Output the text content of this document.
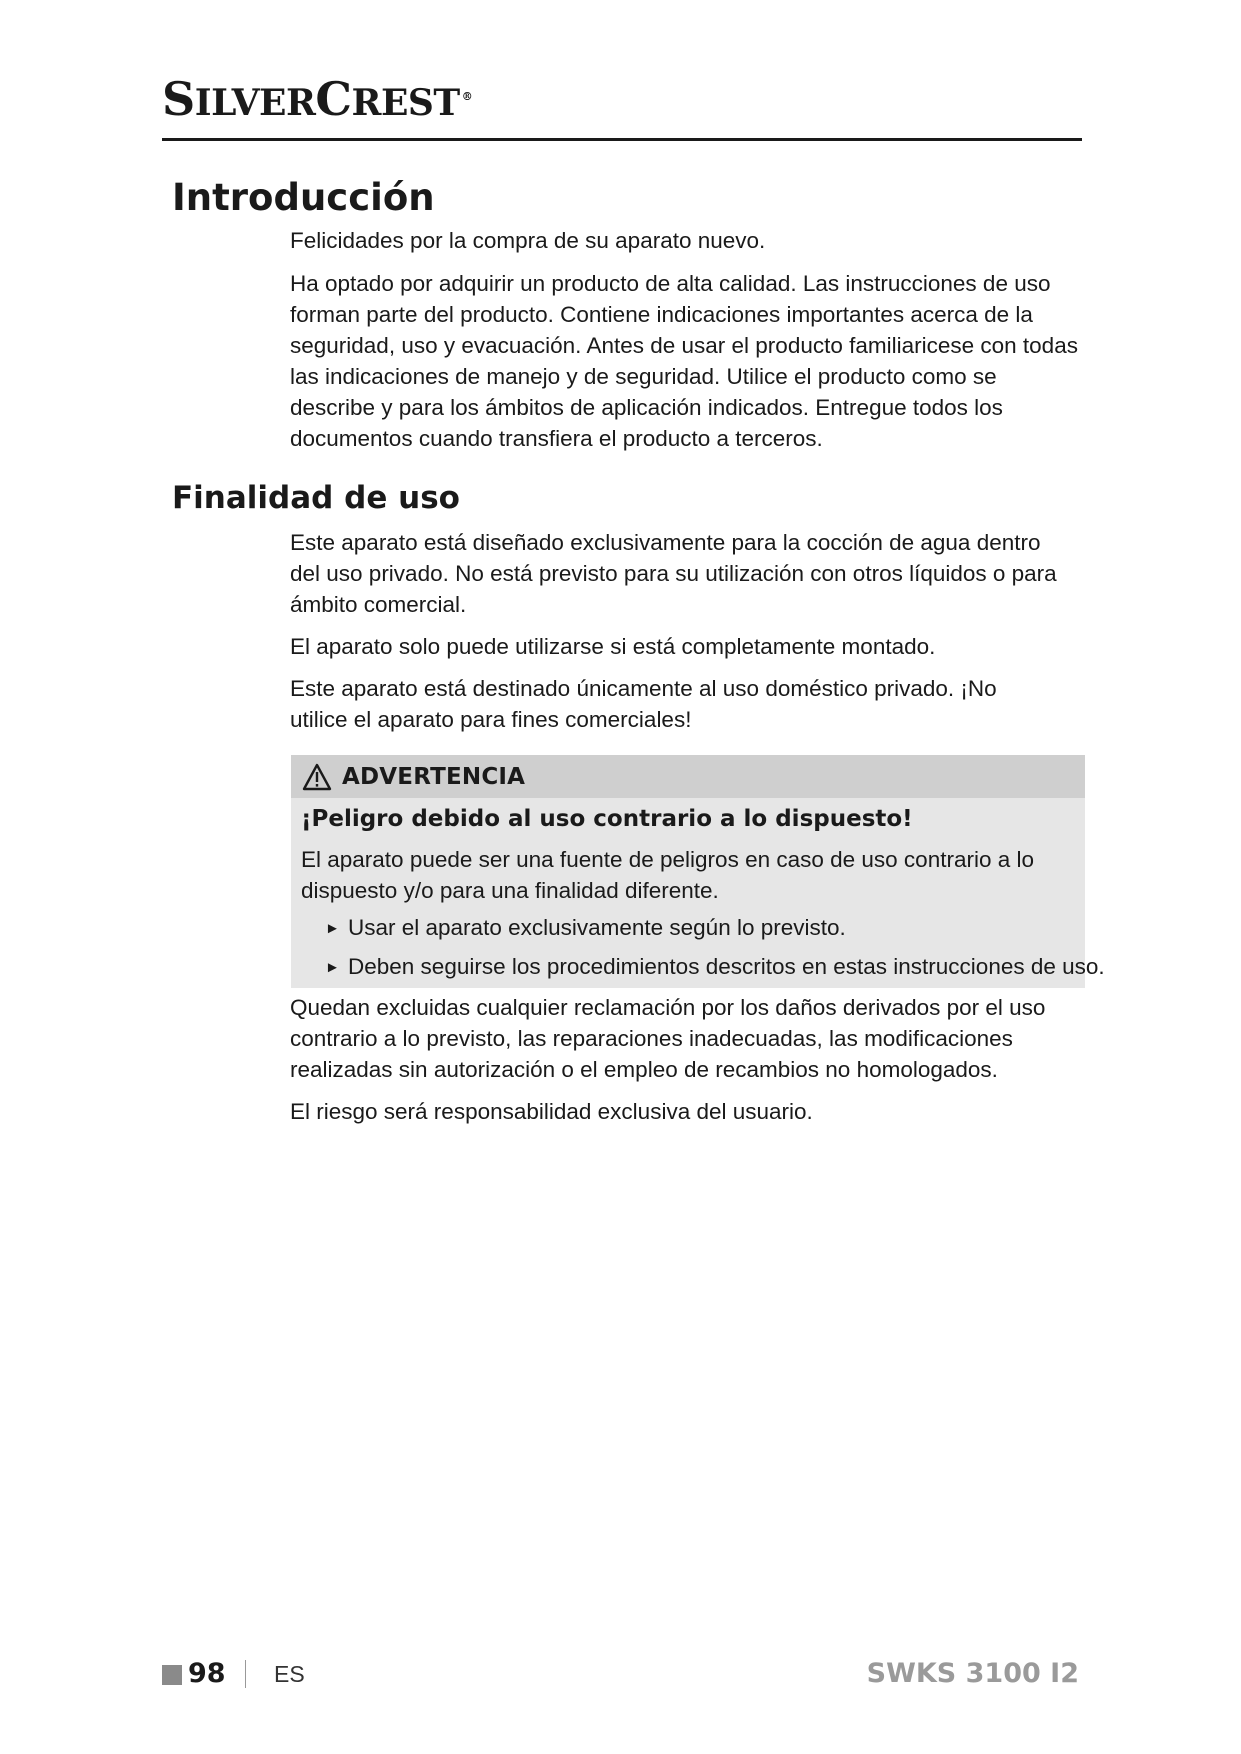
SILVERCREST ®
Introducción

Felicidades por la compra de su aparato nuevo.

Ha optado por adquirir un producto de alta calidad. Las instrucciones de uso forman parte del producto. Contiene indicaciones importantes acerca de la seguridad, uso y evacuación. Antes de usar el producto familiaricese con todas las indicaciones de manejo y de seguridad. Utilice el producto como se describe y para los ámbitos de aplicación indicados. Entregue todos los documentos cuando transfiera el producto a terceros.

Finalidad de uso

Este aparato está diseñado exclusivamente para la cocción de agua dentro del uso privado. No está previsto para su utilización con otros líquidos o para ámbito comercial.

El aparato solo puede utilizarse si está completamente montado.

Este aparato está destinado únicamente al uso doméstico privado. ¡No utilice el aparato para fines comerciales!

ADVERTENCIA
¡Peligro debido al uso contrario a lo dispuesto!

El aparato puede ser una fuente de peligros en caso de uso contrario a lo dispuesto y/o para una finalidad diferente.

► Usar el aparato exclusivamente según lo previsto.
► Deben seguirse los procedimientos descritos en estas instrucciones de uso.

Quedan excluidas cualquier reclamación por los daños derivados por el uso contrario a lo previsto, las reparaciones inadecuadas, las modificaciones realizadas sin autorización o el empleo de recambios no homologados.

El riesgo será responsabilidad exclusiva del usuario.

98 ES	SWKS 3100 I2
